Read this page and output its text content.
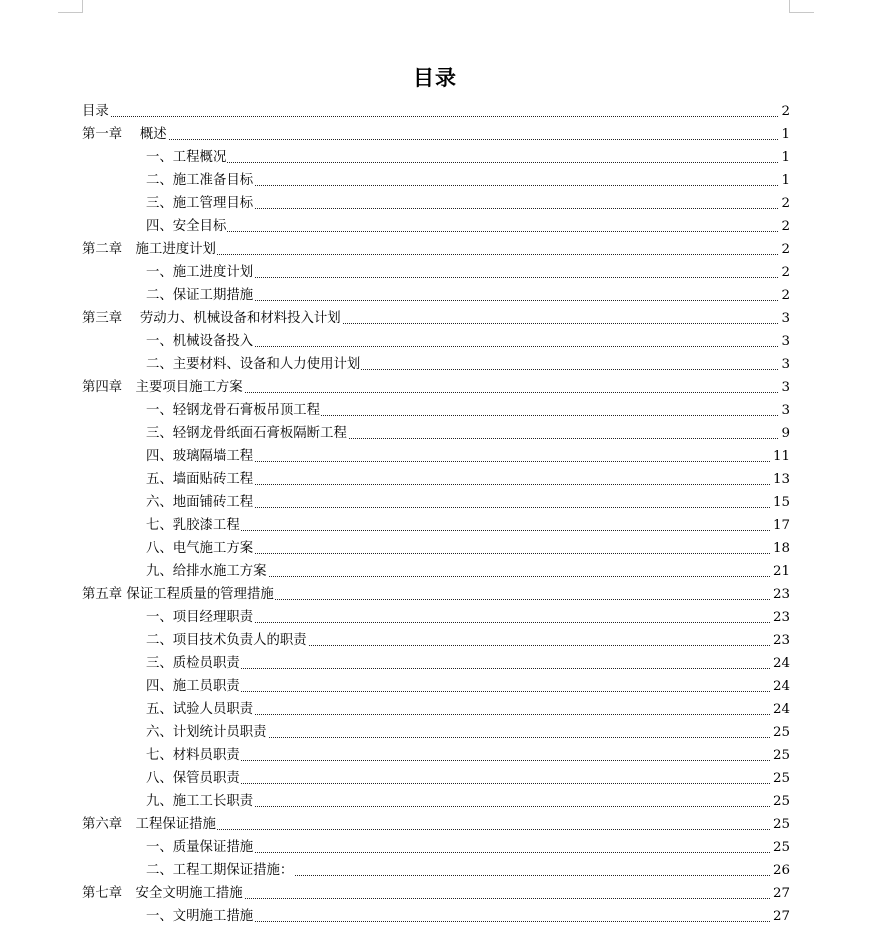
目录
目录	2
第一章　 概述	1
一、工程概况	1
二、施工准备目标	1
三、施工管理目标	2
四、安全目标	2
第二章　施工进度计划	2
一、施工进度计划	2
二、保证工期措施	2
第三章　 劳动力、机械设备和材料投入计划	3
一、机械设备投入	3
二、主要材料、设备和人力使用计划	3
第四章　主要项目施工方案	3
一、轻钢龙骨石膏板吊顶工程	3
三、轻钢龙骨纸面石膏板隔断工程	9
四、玻璃隔墙工程	11
五、墙面贴砖工程	13
六、地面铺砖工程	15
七、乳胶漆工程	17
八、电气施工方案	18
九、给排水施工方案	21
第五章 保证工程质量的管理措施	23
一、项目经理职责	23
二、项目技术负责人的职责	23
三、质检员职责	24
四、施工员职责	24
五、试验人员职责	24
六、计划统计员职责	25
七、材料员职责	25
八、保管员职责	25
九、施工工长职责	25
第六章　工程保证措施	25
一、质量保证措施	25
二、工程工期保证措施：	26
第七章　安全文明施工措施	27
一、文明施工措施	27
